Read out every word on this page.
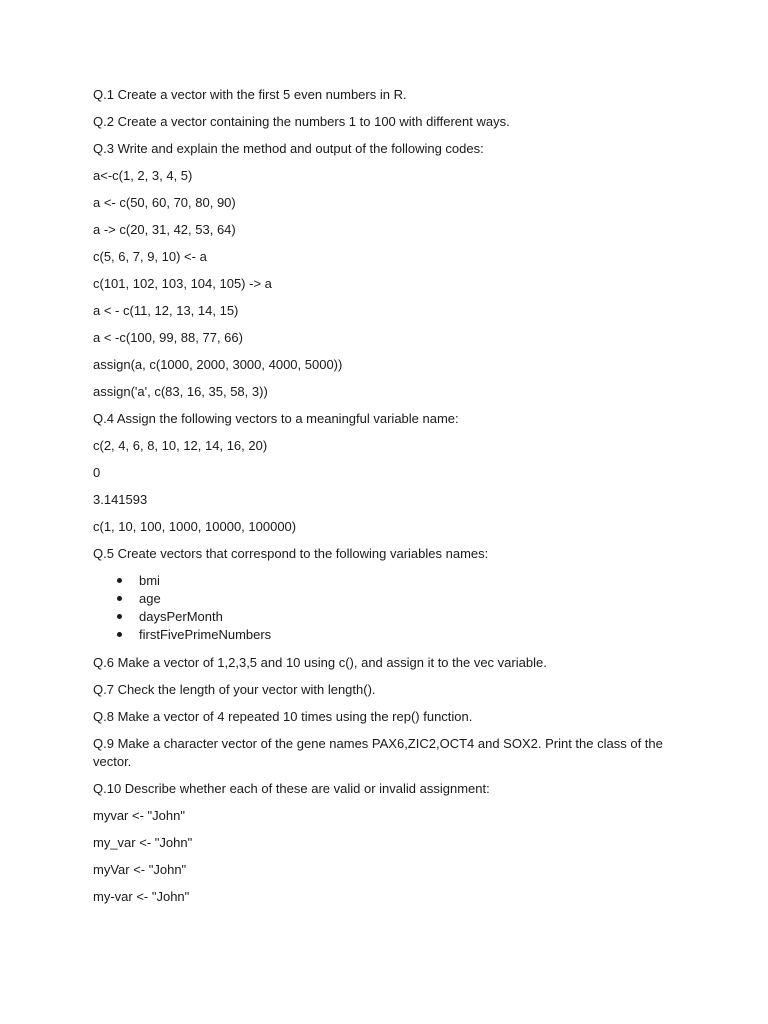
Q.1 Create a vector with the first 5 even numbers in R.

Q.2 Create a vector containing the numbers 1 to 100 with different ways.

Q.3 Write and explain the method and output of the following codes:

a<-c(1, 2, 3, 4, 5)

a <- c(50, 60, 70, 80, 90)

a -> c(20, 31, 42, 53, 64)

c(5, 6, 7, 9, 10) <- a

c(101, 102, 103, 104, 105) -> a

a < - c(11, 12, 13, 14, 15)

a < -c(100, 99, 88, 77, 66)

assign(a, c(1000, 2000, 3000, 4000, 5000))

assign('a', c(83, 16, 35, 58, 3))

Q.4 Assign the following vectors to a meaningful variable name:

c(2, 4, 6, 8, 10, 12, 14, 16, 20)

0

3.141593

c(1, 10, 100, 1000, 10000, 100000)

Q.5 Create vectors that correspond to the following variables names:

bmi
age
daysPerMonth
firstFivePrimeNumbers

Q.6 Make a vector of 1,2,3,5 and 10 using c(), and assign it to the vec variable.

Q.7 Check the length of your vector with length().

Q.8 Make a vector of 4 repeated 10 times using the rep() function.

Q.9 Make a character vector of the gene names PAX6,ZIC2,OCT4 and SOX2. Print the class of the vector.

Q.10 Describe whether each of these are valid or invalid assignment:

myvar <- "John"

my_var <- "John"

myVar <- "John"

my-var <- "John"
